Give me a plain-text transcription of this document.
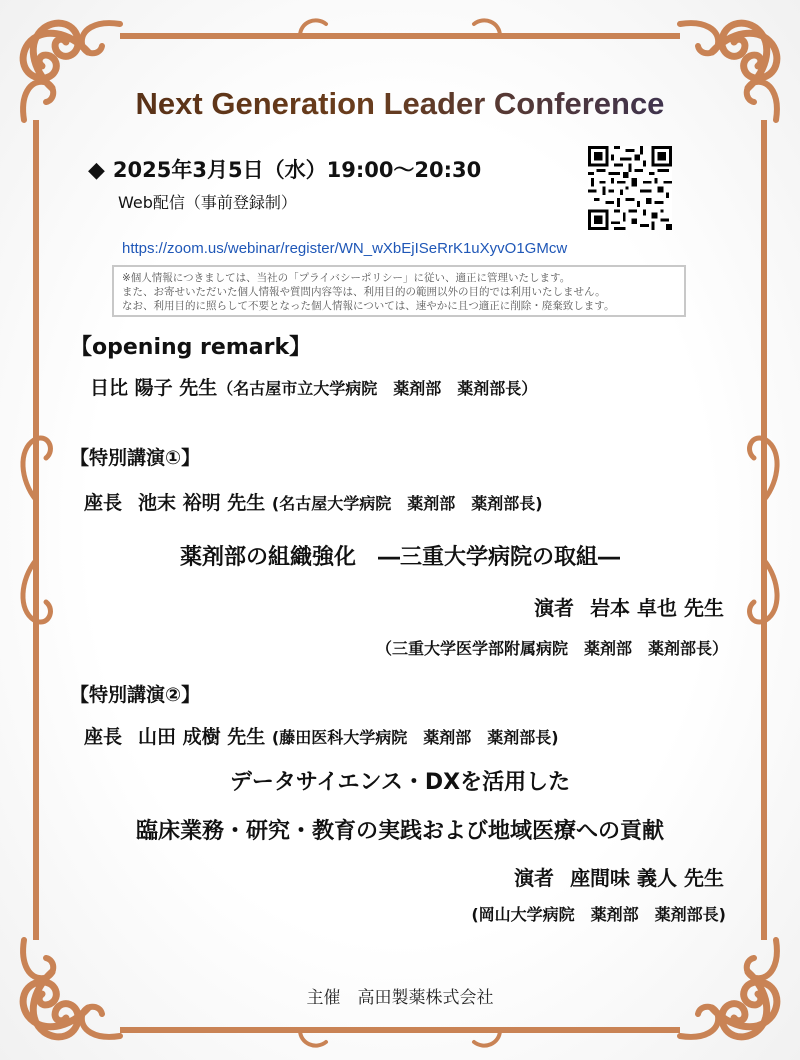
Next Generation Leader Conference
◆ 2025年3月5日（水）19:00～20:30
Web配信（事前登録制）
https://zoom.us/webinar/register/WN_wXbEjISeRrK1uXyvO1GMcw
※個人情報につきましては、当社の「プライバシーポリシー」に従い、適正に管理いたします。
また、お寄せいただいた個人情報や質問内容等は、利用目的の範囲以外の目的では利用いたしません。
なお、利用目的に照らして不要となった個人情報については、速やかに且つ適正に削除・廃棄致します。
【opening remark】
日比 陽子 先生（名古屋市立大学病院　薬剤部　薬剤部長）
【特別講演①】
座長 池末 裕明 先生 (名古屋大学病院　薬剤部　薬剤部長)
薬剤部の組織強化　―三重大学病院の取組―
演者 岩本 卓也 先生
（三重大学医学部附属病院　薬剤部　薬剤部長）
【特別講演②】
座長 山田 成樹 先生 (藤田医科大学病院　薬剤部　薬剤部長)
データサイエンス・DXを活用した
臨床業務・研究・教育の実践および地域医療への貢献
演者 座間味 義人 先生
(岡山大学病院　薬剤部　薬剤部長)
主催　高田製薬株式会社
